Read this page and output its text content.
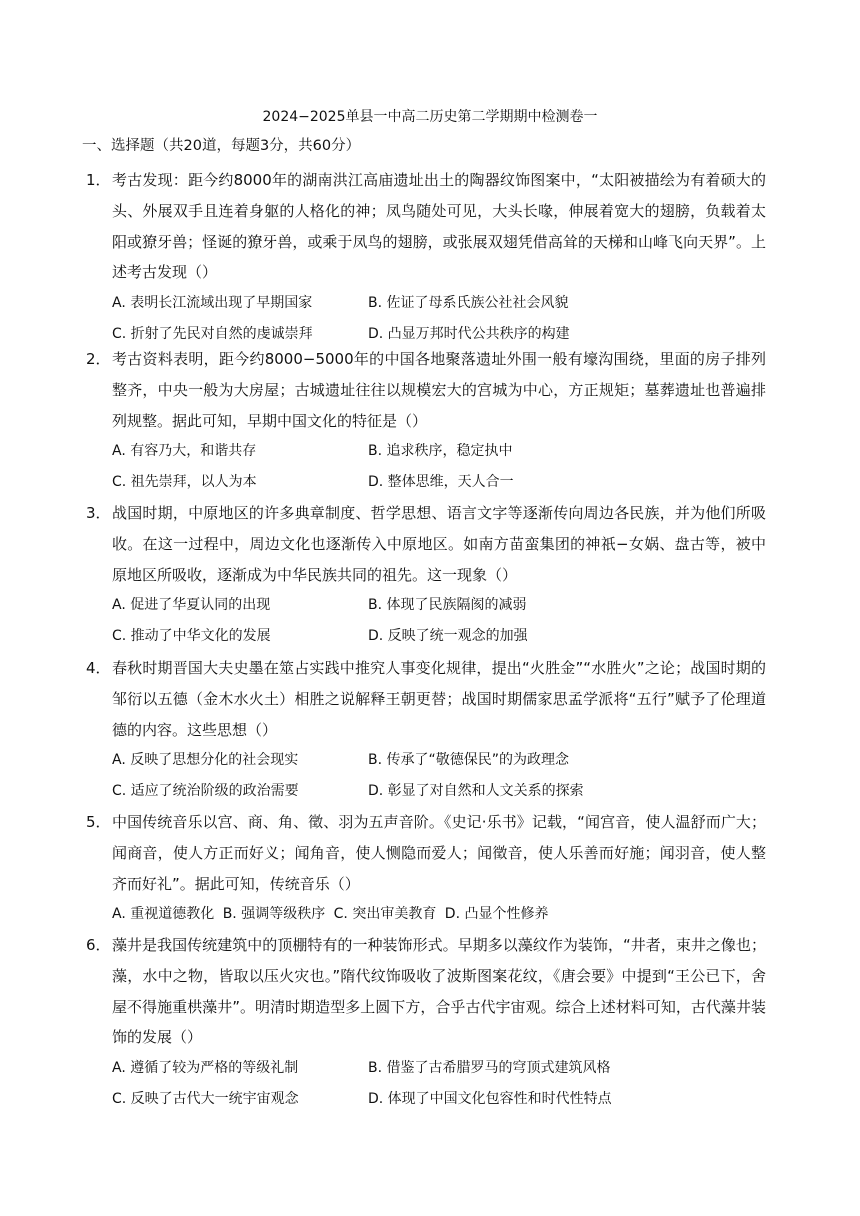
2024−2025单县一中高二历史第二学期期中检测卷一
一、选择题（共20道，每题3分，共60分）
1． 考古发现：距今约8000年的湖南洪江高庙遗址出土的陶器纹饰图案中，“太阳被描绘为有着硕大的头、外展双手且连着身躯的人格化的神；凤鸟随处可见，大头长喙，伸展着宽大的翅膀，负载着太阳或獠牙兽；怪诞的獠牙兽，或乘于凤鸟的翅膀，或张展双翅凭借高耸的天梯和山峰飞向天界”。上述考古发现（）
A. 表明长江流域出现了早期国家	B. 佐证了母系氏族公社社会风貌
C. 折射了先民对自然的虔诚崇拜	D. 凸显万邦时代公共秩序的构建
2． 考古资料表明，距今约8000−5000年的中国各地聚落遗址外围一般有壕沟围绕，里面的房子排列整齐，中央一般为大房屋；古城遗址往往以规模宏大的宫城为中心，方正规矩；墓葬遗址也普遍排列规整。据此可知，早期中国文化的特征是（）
A. 有容乃大，和谐共存	B. 追求秩序，稳定执中
C. 祖先崇拜，以人为本	D. 整体思维，天人合一
3． 战国时期，中原地区的许多典章制度、哲学思想、语言文字等逐渐传向周边各民族，并为他们所吸收。在这一过程中，周边文化也逐渐传入中原地区。如南方苗蛮集团的神祇−女娲、盘古等，被中原地区所吸收，逐渐成为中华民族共同的祖先。这一现象（）
A. 促进了华夏认同的出现	B. 体现了民族隔阂的减弱
C. 推动了中华文化的发展	D. 反映了统一观念的加强
4． 春秋时期晋国大夫史墨在筮占实践中推究人事变化规律，提出“火胜金”“水胜火”之论；战国时期的邹衍以五德（金木水火土）相胜之说解释王朝更替；战国时期儒家思孟学派将“五行”赋予了伦理道德的内容。这些思想（）
A. 反映了思想分化的社会现实	B. 传承了“敬德保民”的为政理念
C. 适应了统治阶级的政治需要	D. 彰显了对自然和人文关系的探索
5． 中国传统音乐以宫、商、角、徵、羽为五声音阶。《史记·乐书》记载，“闻宫音，使人温舒而广大；闻商音，使人方正而好义；闻角音，使人恻隐而爱人；闻徵音，使人乐善而好施；闻羽音，使人整齐而好礼”。据此可知，传统音乐（）
A. 重视道德教化 B. 强调等级秩序 C. 突出审美教育 D. 凸显个性修养
6． 藻井是我国传统建筑中的顶棚特有的一种装饰形式。早期多以藻纹作为装饰，“井者，束井之像也；藻，水中之物，皆取以压火灾也。”隋代纹饰吸收了波斯图案花纹，《唐会要》中提到“王公已下，舍屋不得施重栱藻井”。明清时期造型多上圆下方，合乎古代宇宙观。综合上述材料可知，古代藻井装饰的发展（）
A. 遵循了较为严格的等级礼制	B. 借鉴了古希腊罗马的穹顶式建筑风格
C. 反映了古代大一统宇宙观念	D. 体现了中国文化包容性和时代性特点
